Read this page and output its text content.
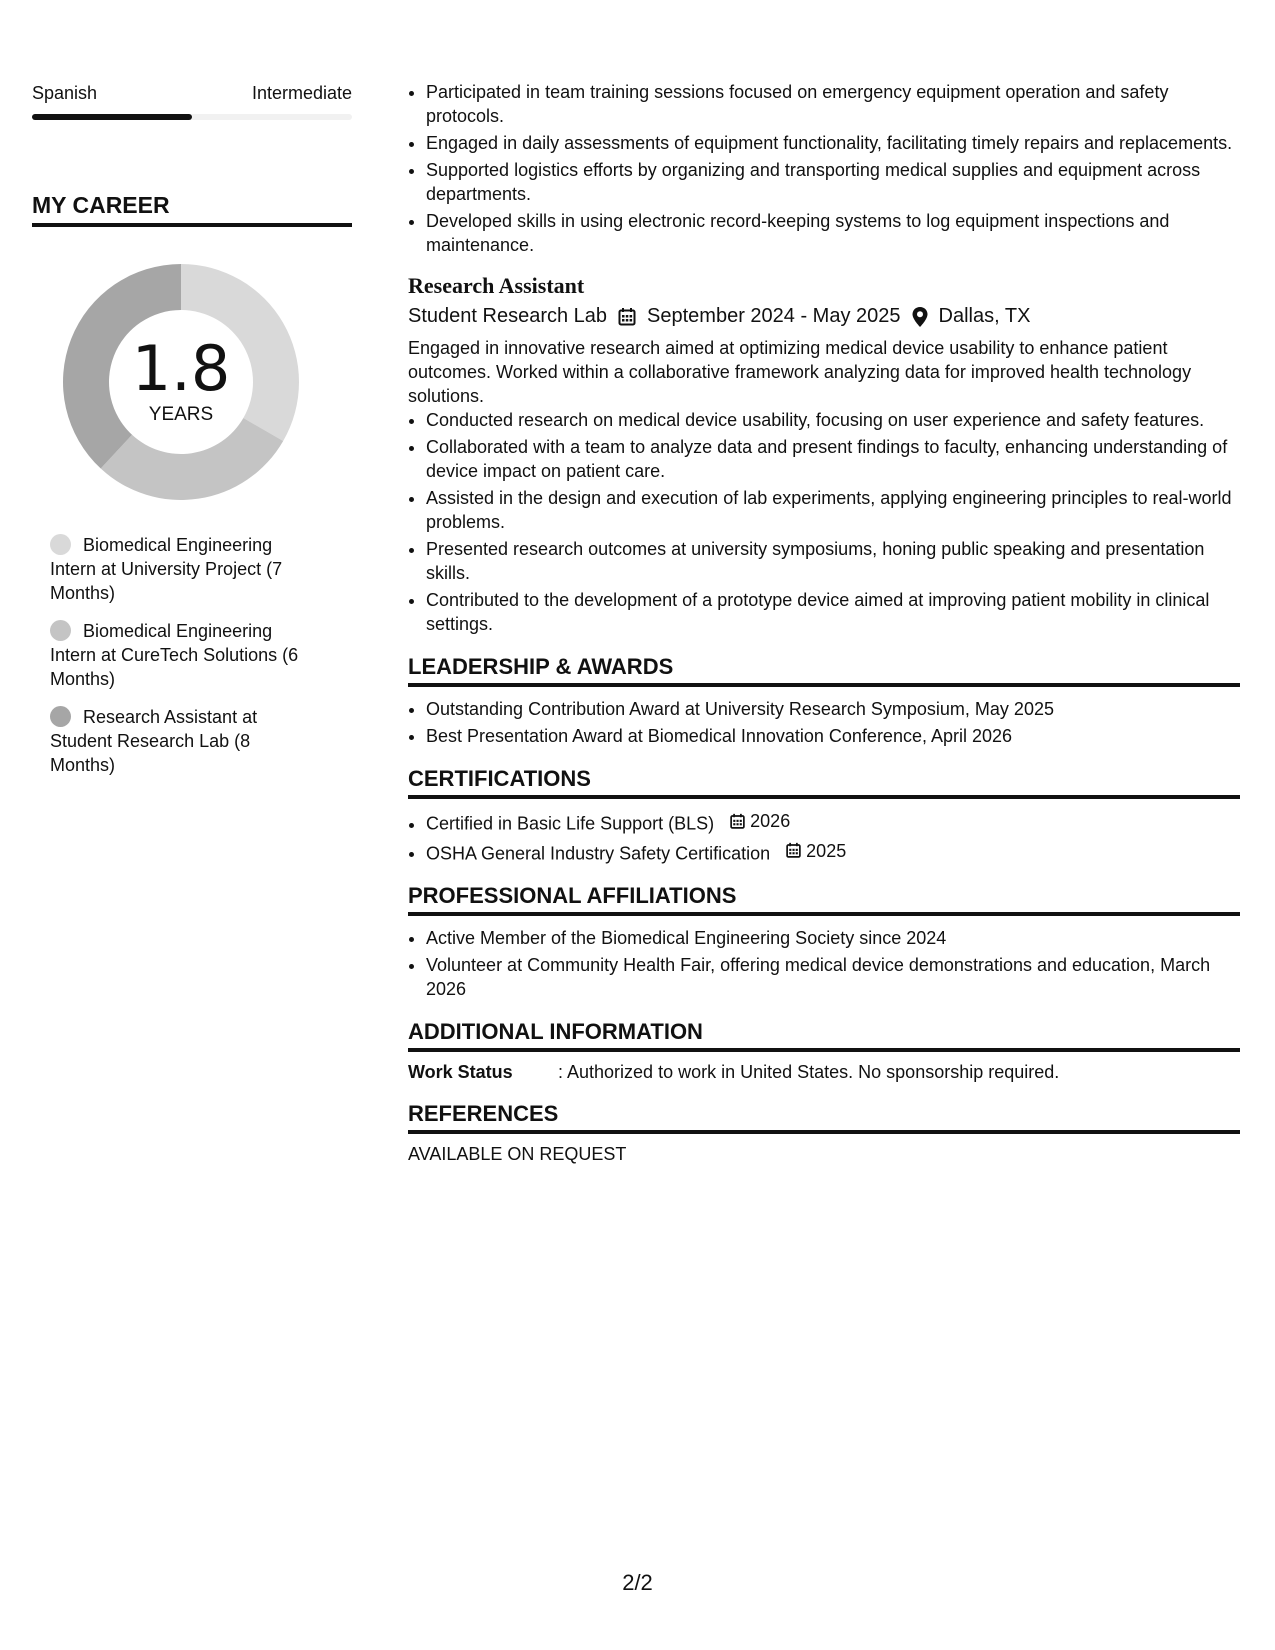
Spanish	Intermediate
MY CAREER
1.8
YEARS
Biomedical Engineering Intern at University Project (7 Months)
Biomedical Engineering Intern at CureTech Solutions (6 Months)
Research Assistant at Student Research Lab (8 Months)
• Participated in team training sessions focused on emergency equipment operation and safety protocols.
• Engaged in daily assessments of equipment functionality, facilitating timely repairs and replacements.
• Supported logistics efforts by organizing and transporting medical supplies and equipment across departments.
• Developed skills in using electronic record-keeping systems to log equipment inspections and maintenance.
Research Assistant
Student Research Lab September 2024 - May 2025 Dallas, TX
Engaged in innovative research aimed at optimizing medical device usability to enhance patient outcomes. Worked within a collaborative framework analyzing data for improved health technology solutions.
• Conducted research on medical device usability, focusing on user experience and safety features.
• Collaborated with a team to analyze data and present findings to faculty, enhancing understanding of device impact on patient care.
• Assisted in the design and execution of lab experiments, applying engineering principles to real-world problems.
• Presented research outcomes at university symposiums, honing public speaking and presentation skills.
• Contributed to the development of a prototype device aimed at improving patient mobility in clinical settings.
LEADERSHIP & AWARDS
• Outstanding Contribution Award at University Research Symposium, May 2025
• Best Presentation Award at Biomedical Innovation Conference, April 2026
CERTIFICATIONS
• Certified in Basic Life Support (BLS) 2026
• OSHA General Industry Safety Certification 2025
PROFESSIONAL AFFILIATIONS
• Active Member of the Biomedical Engineering Society since 2024
• Volunteer at Community Health Fair, offering medical device demonstrations and education, March 2026
ADDITIONAL INFORMATION
Work Status	: Authorized to work in United States. No sponsorship required.
REFERENCES
AVAILABLE ON REQUEST
2/2
